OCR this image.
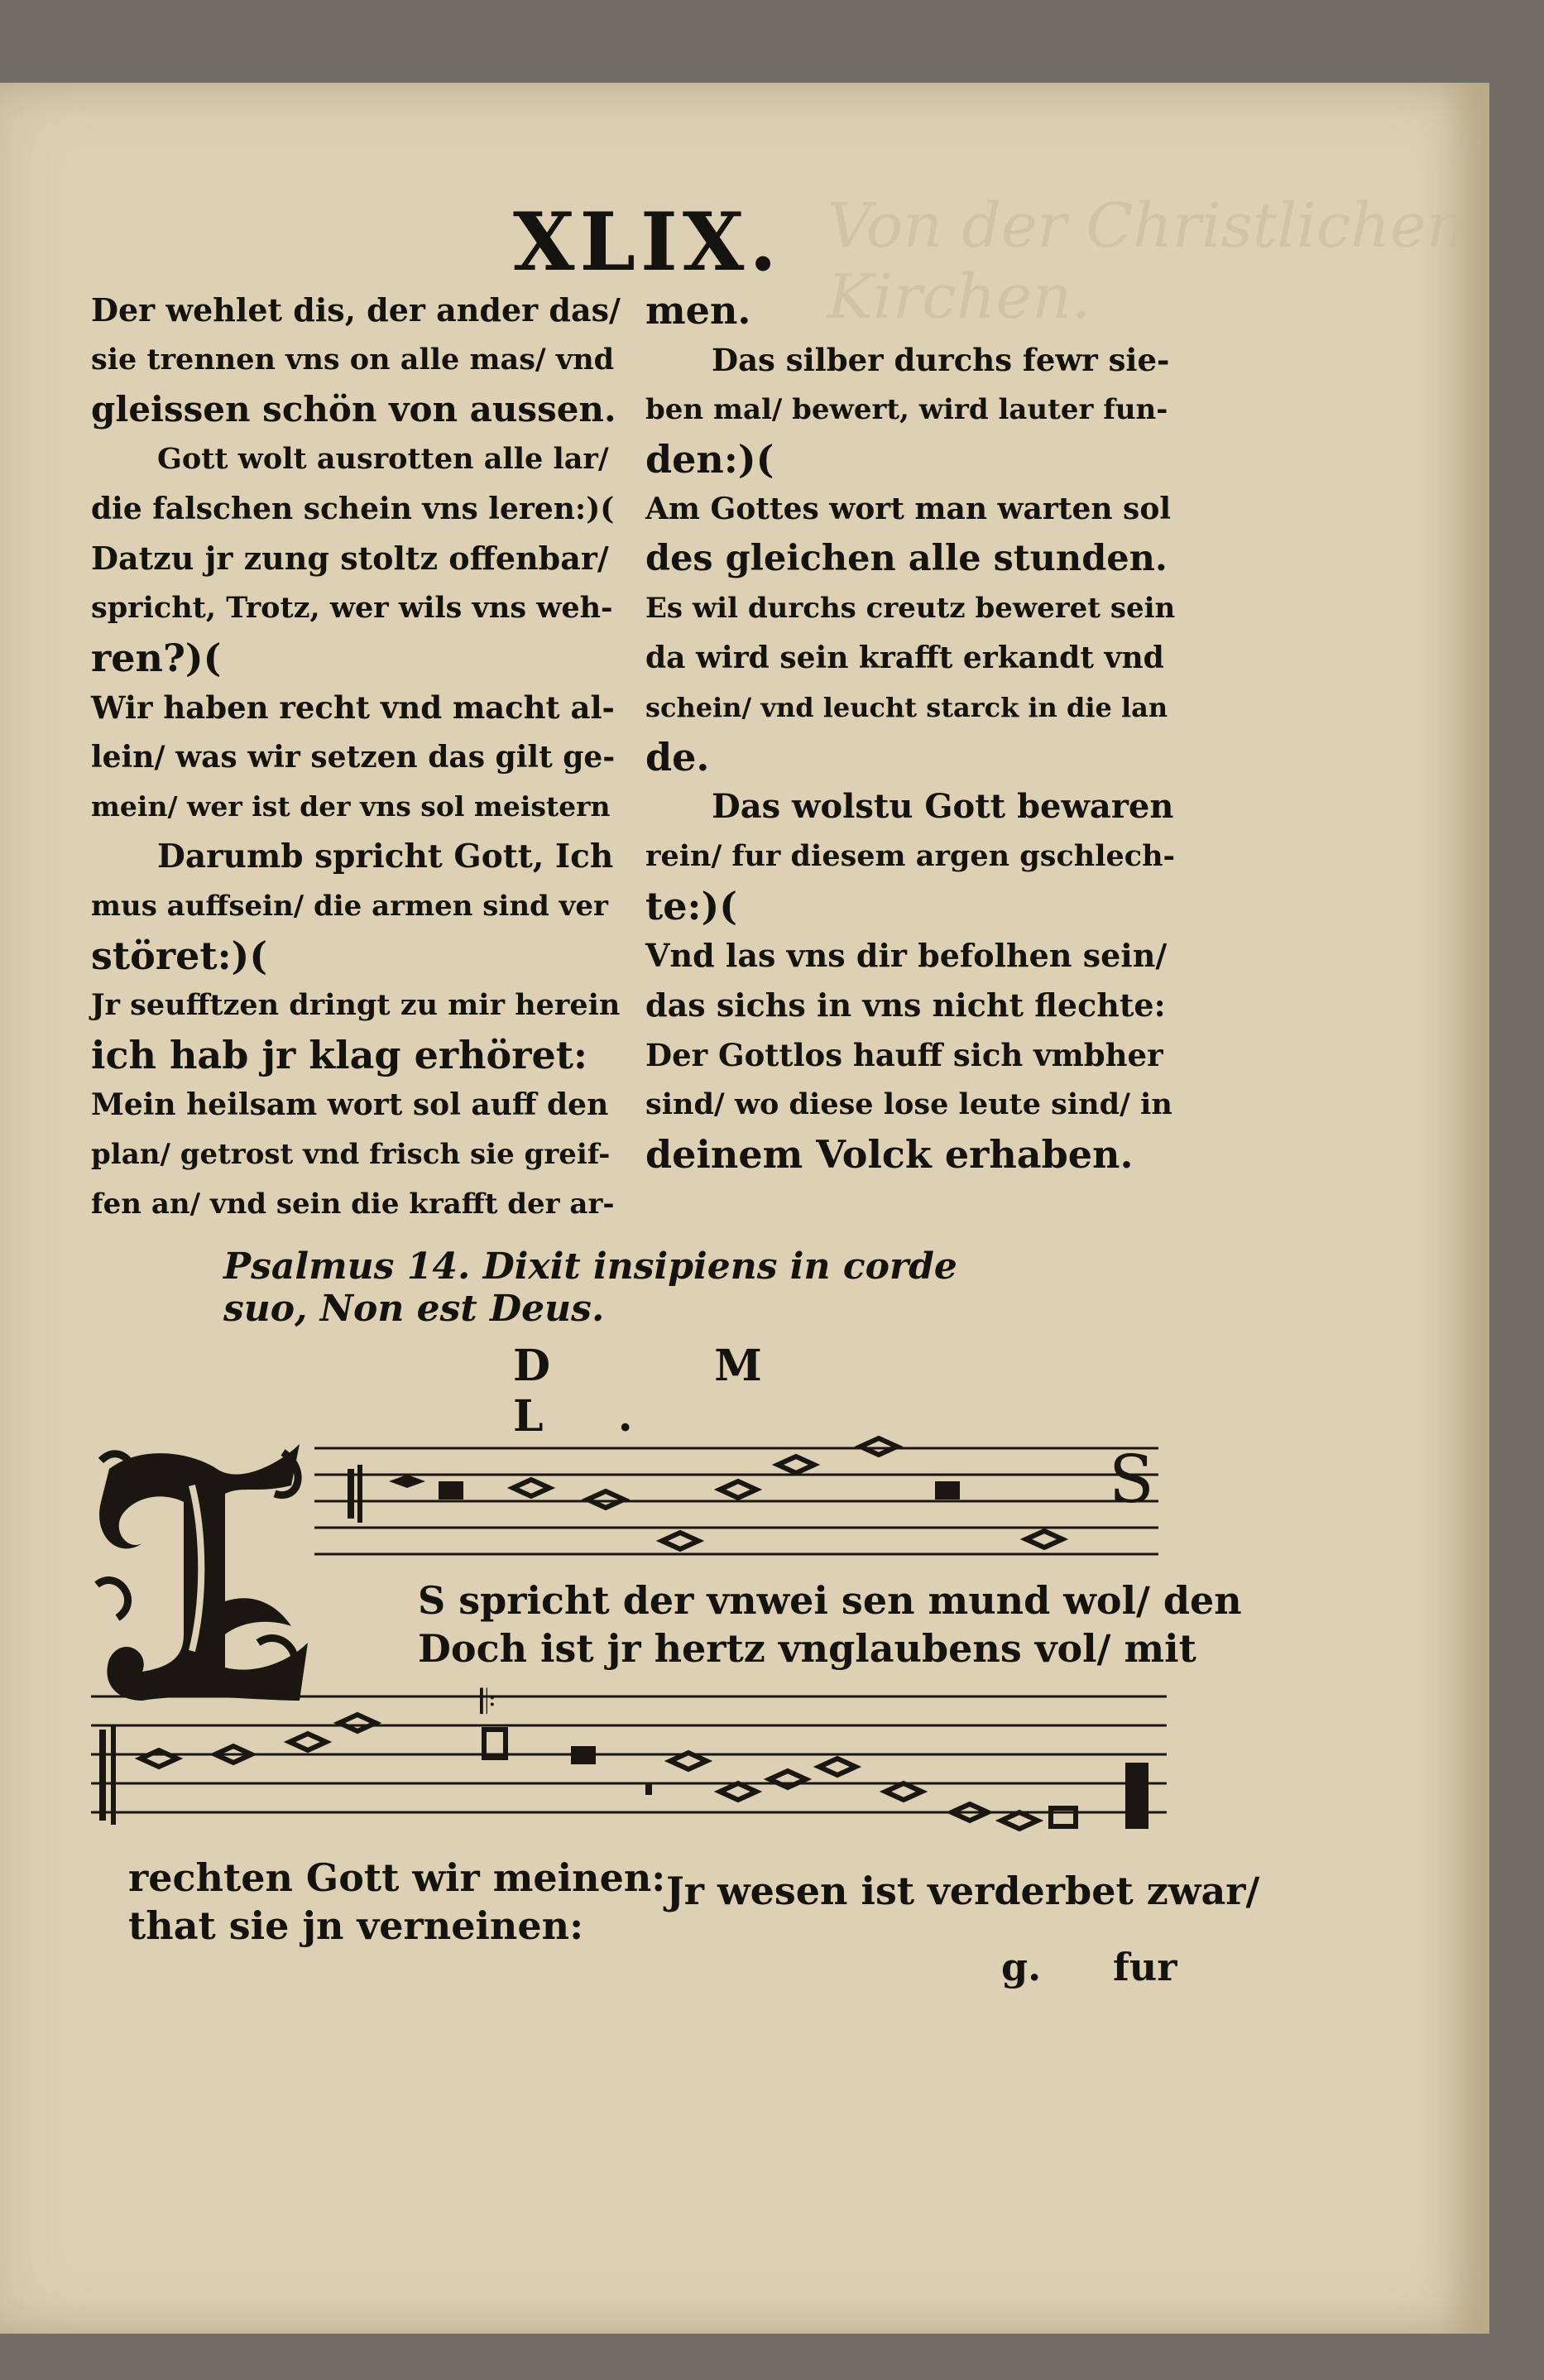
Von der Christlichen Kirchen.
XLIX.
Der wehlet dis, der ander das/
sie trennen vns on alle mas/ vnd
gleissen schön von aussen.
Gott wolt ausrotten alle lar/
die falschen schein vns leren:)(
Datzu jr zung stoltz offenbar/
spricht, Trotz, wer wils vns weh-
ren?)(
Wir haben recht vnd macht al-
lein/ was wir setzen das gilt ge-
mein/ wer ist der vns sol meistern
Darumb spricht Gott, Ich
mus auffsein/ die armen sind ver
störet:)(
Jr seufftzen dringt zu mir herein
ich hab jr klag erhöret:
Mein heilsam wort sol auff den
plan/ getrost vnd frisch sie greif-
fen an/ vnd sein die krafft der ar-
men.
Das silber durchs fewr sie-
ben mal/ bewert, wird lauter fun-
den:)(
Am Gottes wort man warten sol
des gleichen alle stunden.
Es wil durchs creutz beweret sein
da wird sein krafft erkandt vnd
schein/ vnd leucht starck in die lan
de.
Das wolstu Gott bewaren
rein/ fur diesem argen gschlech-
te:)(
Vnd las vns dir befolhen sein/
das sichs in vns nicht flechte:
Der Gottlos hauff sich vmbher
sind/ wo diese lose leute sind/ in
deinem Volck erhaben.
Psalmus 14. Dixit insipiens in corde suo, Non est Deus.
D M L.
S
S spricht der vnwei sen mund wol/ den
Doch ist jr hertz vnglaubens vol/ mit
𝄆
rechten Gott wir meinen:
that sie jn verneinen:
Jr wesen ist verderbet zwar/
g. fur
